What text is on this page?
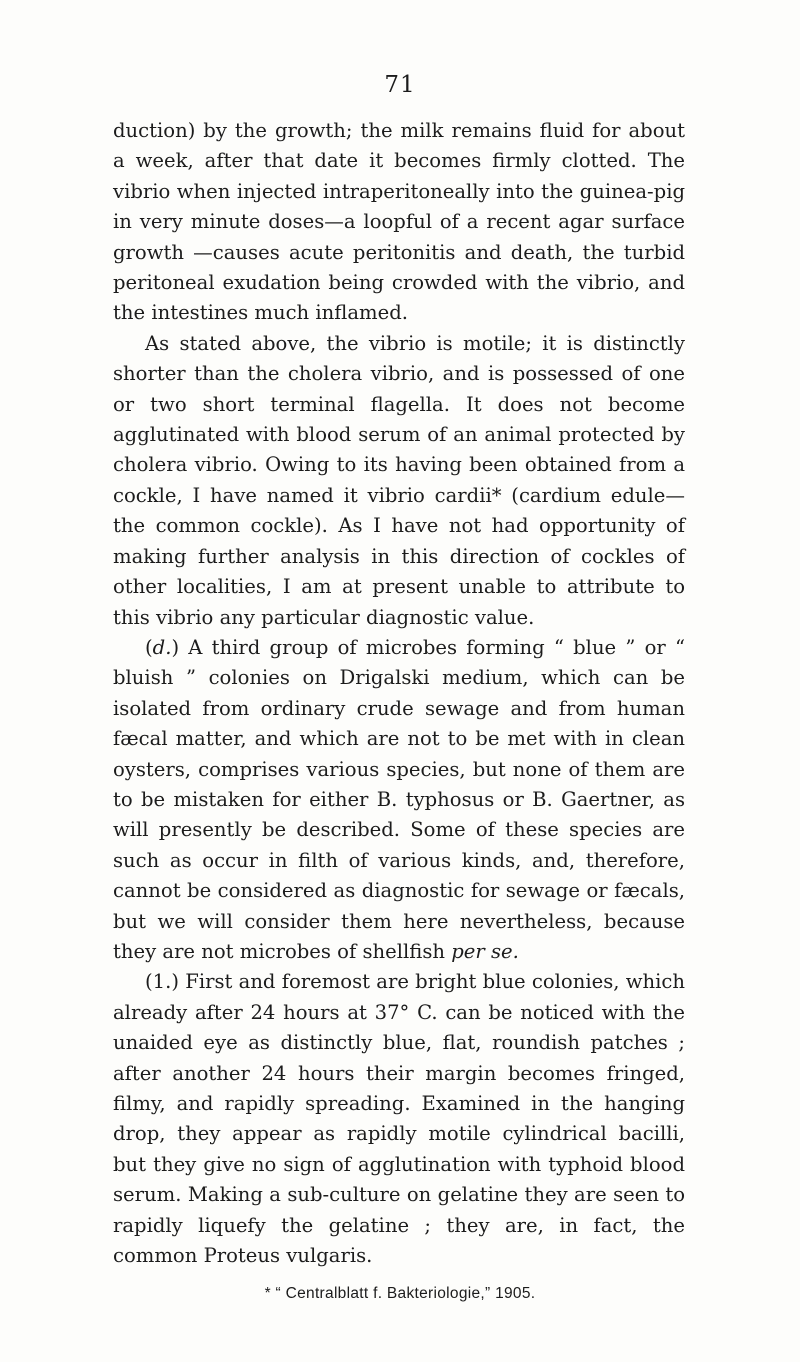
71

duction) by the growth; the milk remains fluid for about a week, after that date it becomes firmly clotted. The vibrio when injected intraperitoneally into the guinea-pig in very minute doses—a loopful of a recent agar surface growth —causes acute peritonitis and death, the turbid peritoneal exudation being crowded with the vibrio, and the intestines much inflamed.

As stated above, the vibrio is motile; it is distinctly shorter than the cholera vibrio, and is possessed of one or two short terminal flagella. It does not become agglutinated with blood serum of an animal protected by cholera vibrio. Owing to its having been obtained from a cockle, I have named it vibrio cardii* (cardium edule—the common cockle). As I have not had opportunity of making further analysis in this direction of cockles of other localities, I am at present unable to attribute to this vibrio any particular diagnostic value.

(d.) A third group of microbes forming “ blue ” or “ bluish ” colonies on Drigalski medium, which can be isolated from ordinary crude sewage and from human fæcal matter, and which are not to be met with in clean oysters, comprises various species, but none of them are to be mistaken for either B. typhosus or B. Gaertner, as will presently be described. Some of these species are such as occur in filth of various kinds, and, therefore, cannot be considered as diagnostic for sewage or fæcals, but we will consider them here nevertheless, because they are not microbes of shellfish per se.

(1.) First and foremost are bright blue colonies, which already after 24 hours at 37° C. can be noticed with the unaided eye as distinctly blue, flat, roundish patches ; after another 24 hours their margin becomes fringed, filmy, and rapidly spreading. Examined in the hanging drop, they appear as rapidly motile cylindrical bacilli, but they give no sign of agglutination with typhoid blood serum. Making a sub-culture on gelatine they are seen to rapidly liquefy the gelatine ; they are, in fact, the common Proteus vulgaris.

* “ Centralblatt f. Bakteriologie,” 1905.
